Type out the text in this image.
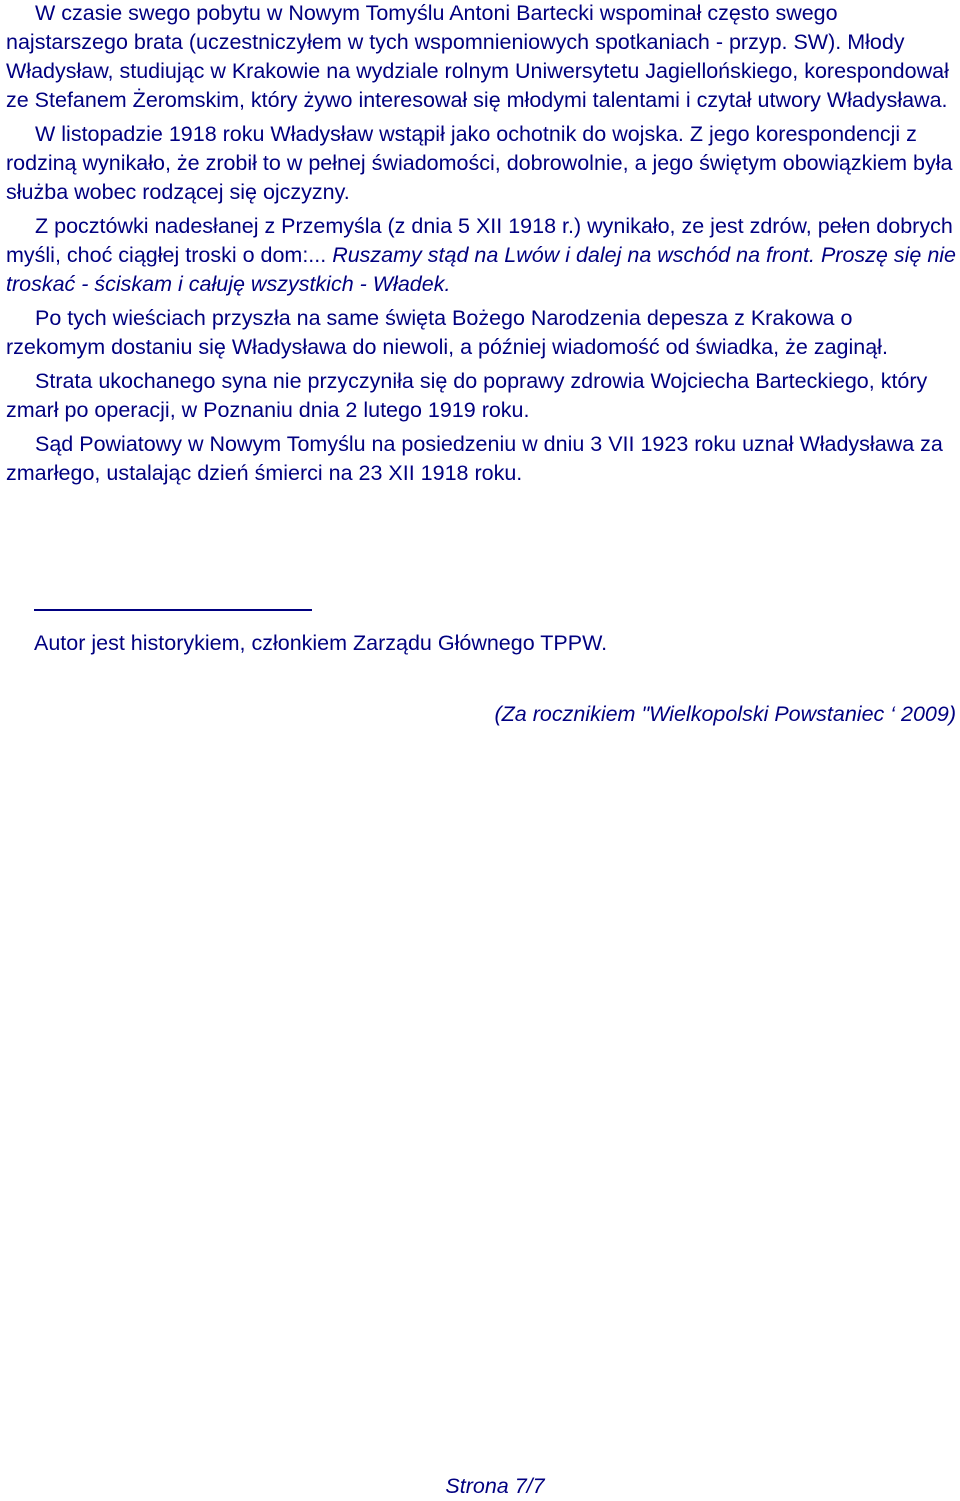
W czasie swego pobytu w Nowym Tomyślu Antoni Bartecki wspominał często swego najstarszego brata (uczestniczyłem w tych wspomnieniowych spotkaniach - przyp. SW). Młody Władysław, studiując w Krakowie na wydziale rolnym Uniwersytetu Jagiellońskiego, korespondował ze Stefanem Żeromskim, który żywo interesował się młodymi talentami i czytał utwory Władysława.

W listopadzie 1918 roku Władysław wstąpił jako ochotnik do wojska. Z jego korespondencji z rodziną wynikało, że zrobił to w pełnej świadomości, dobrowolnie, a jego świętym obowiązkiem była służba wobec rodzącej się ojczyzny.

Z pocztówki nadesłanej z Przemyśla (z dnia 5 XII 1918 r.) wynikało, ze jest zdrów, pełen dobrych myśli, choć ciągłej troski o dom:... Ruszamy stąd na Lwów i dalej na wschód na front. Proszę się nie troskać - ściskam i całuję wszystkich - Władek.

Po tych wieściach przyszła na same święta Bożego Narodzenia depesza z Krakowa o rzekomym dostaniu się Władysława do niewoli, a później wiadomość od świadka, że zaginął.

Strata ukochanego syna nie przyczyniła się do poprawy zdrowia Wojciecha Barteckiego, który zmarł po operacji, w Poznaniu dnia 2 lutego 1919 roku.

Sąd Powiatowy w Nowym Tomyślu na posiedzeniu w dniu 3 VII 1923 roku uznał Władysława za zmarłego, ustalając dzień śmierci na 23 XII 1918 roku.

Autor jest historykiem, członkiem Zarządu Głównego TPPW.
(Za rocznikiem "Wielkopolski Powstaniec ‘ 2009)
Strona 7/7
